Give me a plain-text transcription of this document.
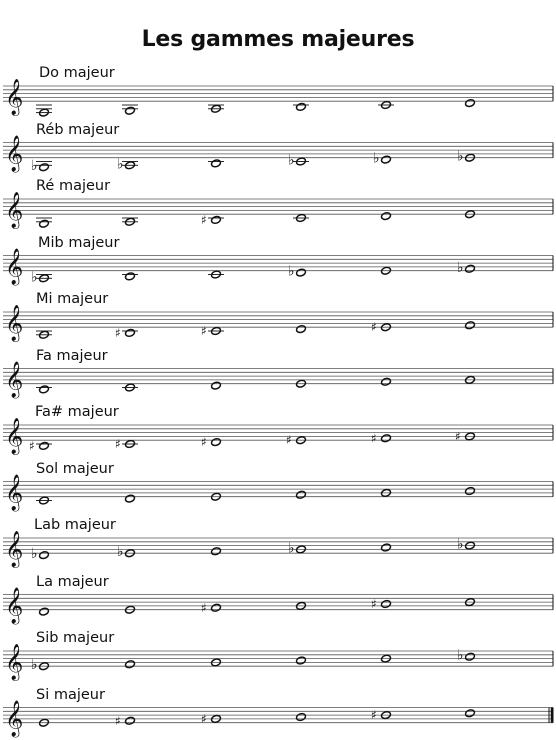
Les gammes majeures
Do majeur
Réb majeur
Ré majeur
Mib majeur
Mi majeur
Fa majeur
Fa# majeur
Sol majeur
Lab majeur
La majeur
Sib majeur
Si majeur
𝄞
𝄞 ♭	♭	♭	♭	♭
𝄞	♯
𝄞 ♭	♭	♭
𝄞	♯	♯	♯
𝄞
𝄞 ♯	♯	♯	♯	♯	♯
𝄞
𝄞 ♭	♭	♭	♭
𝄞	♯	♯
𝄞 ♭
♭
𝄞	♯	♯	♯
